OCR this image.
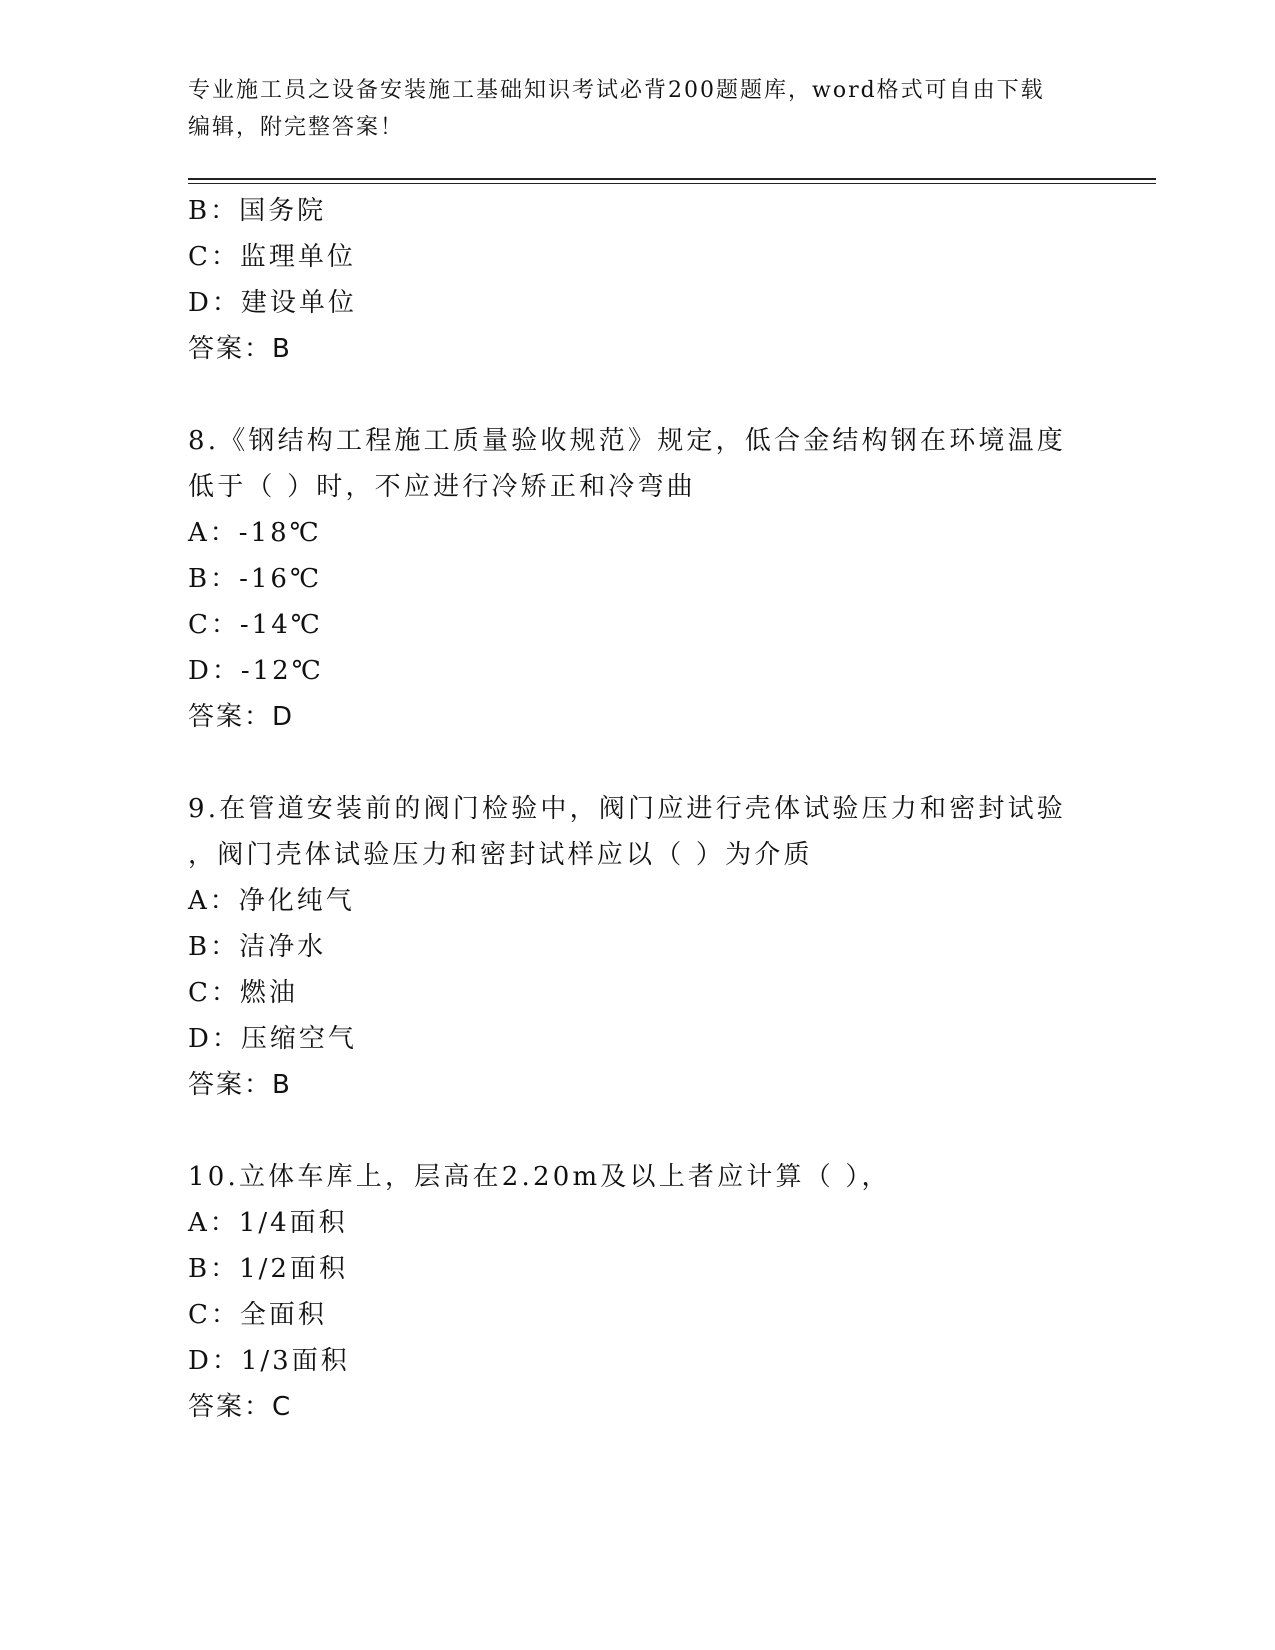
专业施工员之设备安装施工基础知识考试必背200题题库，word格式可自由下载
编辑，附完整答案！
B：国务院
C：监理单位
D：建设单位
答案：B
8.《钢结构工程施工质量验收规范》规定，低合金结构钢在环境温度
低于（ ）时，不应进行冷矫正和冷弯曲
A：-18℃
B：-16℃
C：-14℃
D：-12℃
答案：D
9.在管道安装前的阀门检验中，阀门应进行壳体试验压力和密封试验
，阀门壳体试验压力和密封试样应以（ ）为介质
A：净化纯气
B：洁净水
C：燃油
D：压缩空气
答案：B
10.立体车库上，层高在2.20m及以上者应计算（ ），
A：1/4面积
B：1/2面积
C：全面积
D：1/3面积
答案：C
